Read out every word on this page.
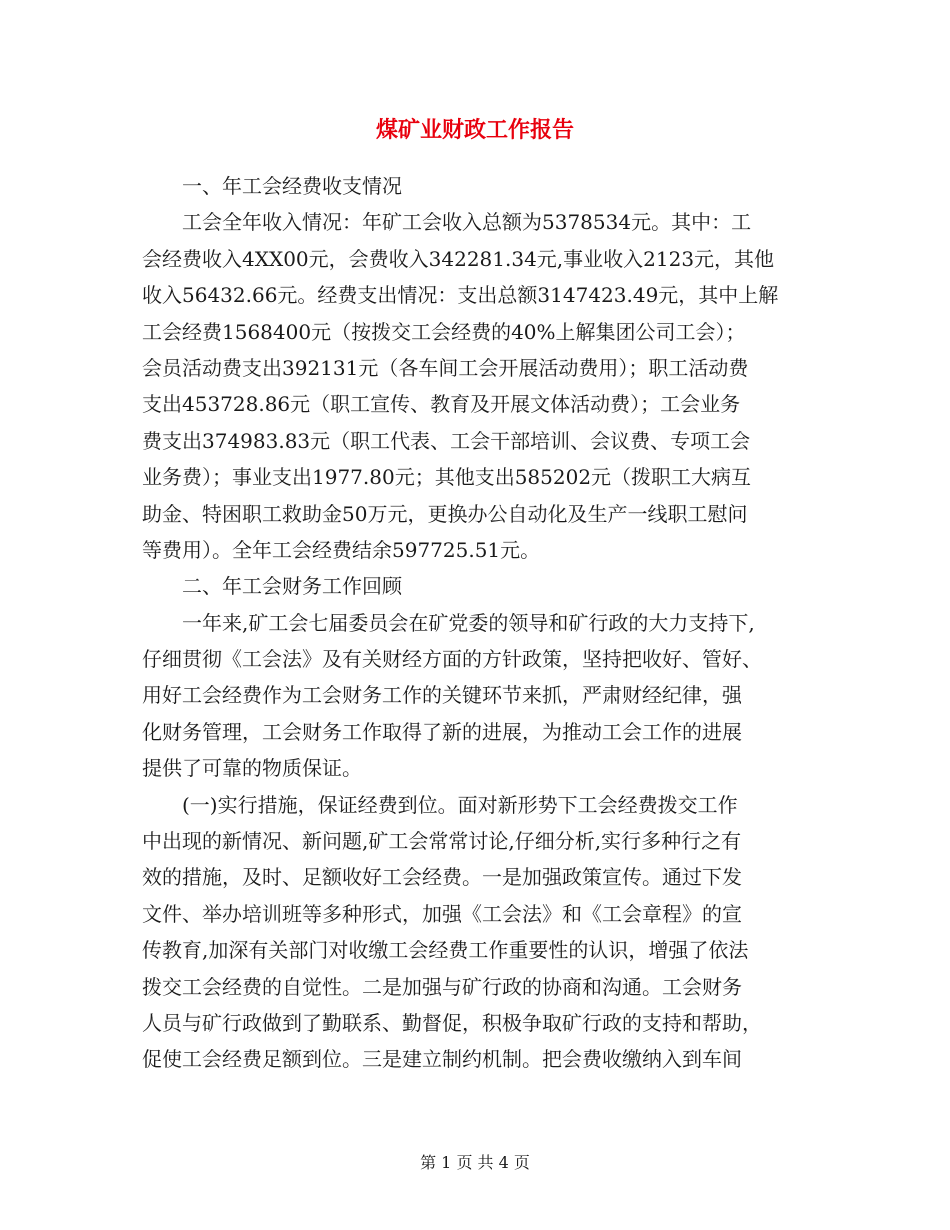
煤矿业财政工作报告
　　一、年工会经费收支情况
　　工会全年收入情况：年矿工会收入总额为5378534元。其中：工
会经费收入4XX00元，会费收入342281.34元,事业收入2123元，其他
收入56432.66元。经费支出情况：支出总额3147423.49元，其中上解
工会经费1568400元（按拨交工会经费的40%上解集团公司工会）；
会员活动费支出392131元（各车间工会开展活动费用）；职工活动费
支出453728.86元（职工宣传、教育及开展文体活动费）；工会业务
费支出374983.83元（职工代表、工会干部培训、会议费、专项工会
业务费）；事业支出1977.80元；其他支出585202元（拨职工大病互
助金、特困职工救助金50万元，更换办公自动化及生产一线职工慰问
等费用）。全年工会经费结余597725.51元。
　　二、年工会财务工作回顾
　　一年来,矿工会七届委员会在矿党委的领导和矿行政的大力支持下,
仔细贯彻《工会法》及有关财经方面的方针政策，坚持把收好、管好、
用好工会经费作为工会财务工作的关键环节来抓，严肃财经纪律，强
化财务管理，工会财务工作取得了新的进展，为推动工会工作的进展
提供了可靠的物质保证。
　　(一)实行措施，保证经费到位。面对新形势下工会经费拨交工作
中出现的新情况、新问题,矿工会常常讨论,仔细分析,实行多种行之有
效的措施，及时、足额收好工会经费。一是加强政策宣传。通过下发
文件、举办培训班等多种形式，加强《工会法》和《工会章程》的宣
传教育,加深有关部门对收缴工会经费工作重要性的认识，增强了依法
拨交工会经费的自觉性。二是加强与矿行政的协商和沟通。工会财务
人员与矿行政做到了勤联系、勤督促，积极争取矿行政的支持和帮助，
促使工会经费足额到位。三是建立制约机制。把会费收缴纳入到车间
第 1 页 共 4 页
